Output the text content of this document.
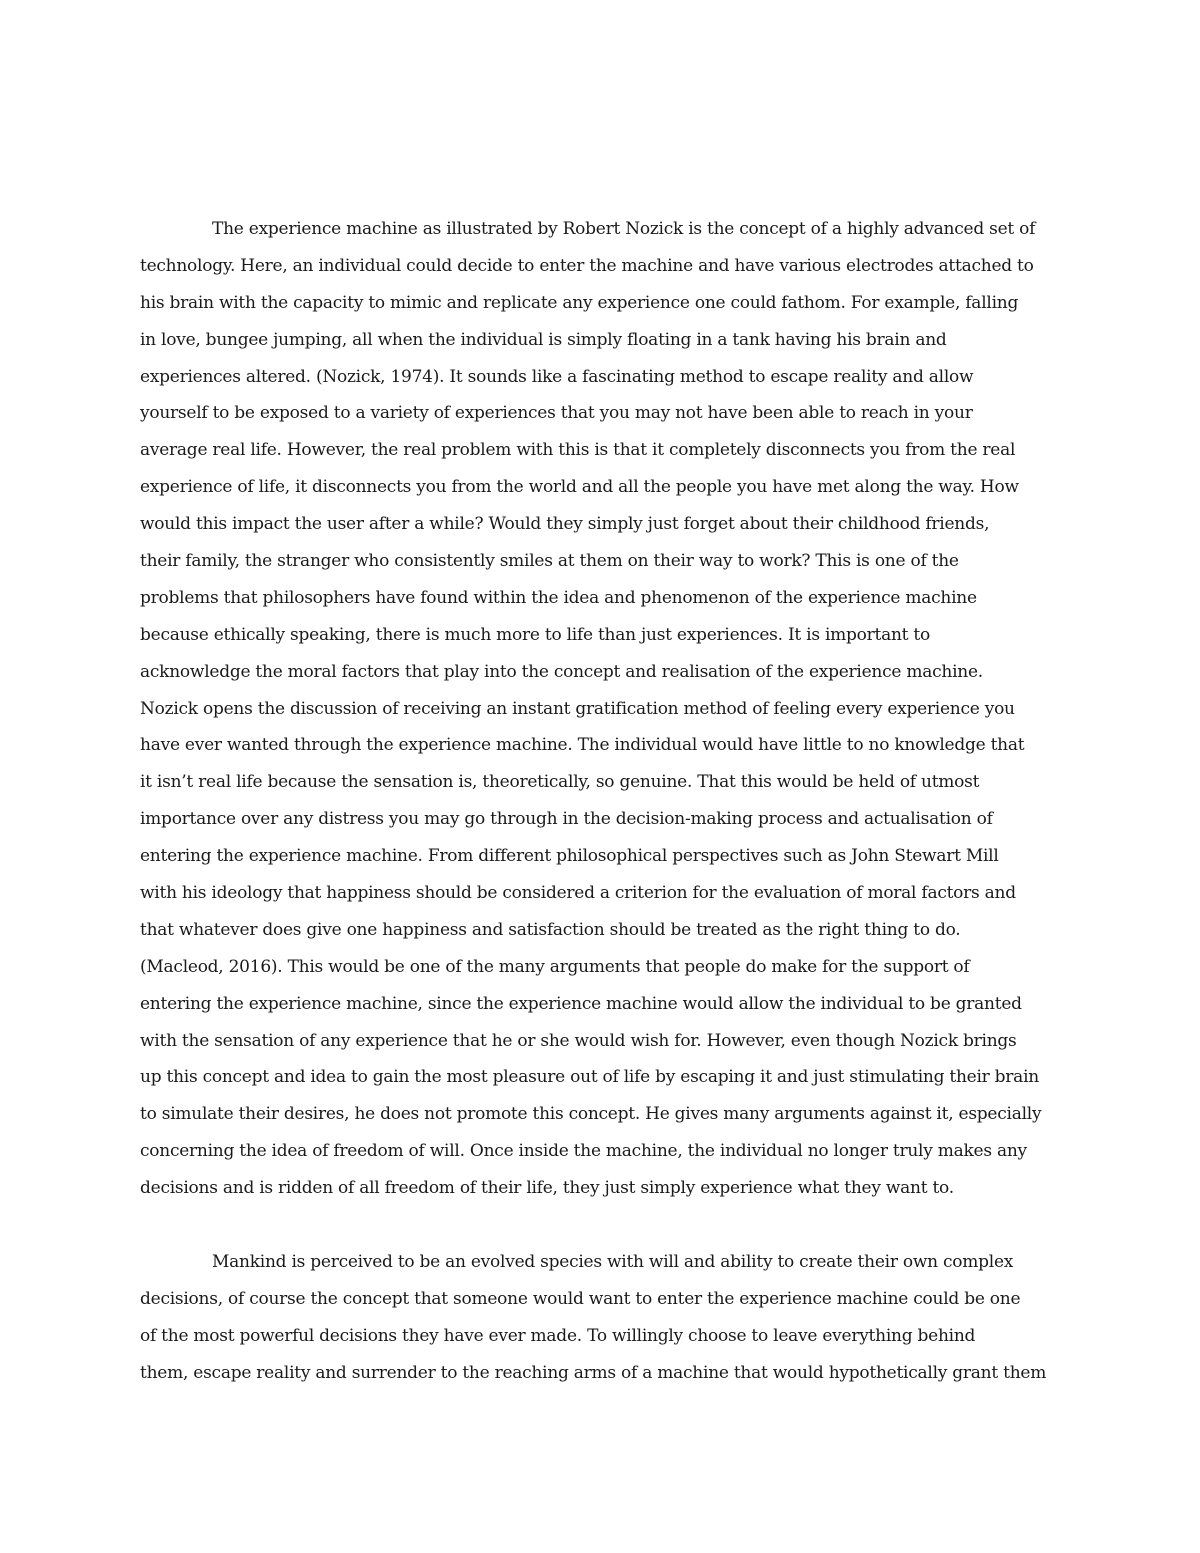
The experience machine as illustrated by Robert Nozick is the concept of a highly advanced set of
technology. Here, an individual could decide to enter the machine and have various electrodes attached to
his brain with the capacity to mimic and replicate any experience one could fathom. For example, falling
in love, bungee jumping, all when the individual is simply floating in a tank having his brain and
experiences altered. (Nozick, 1974). It sounds like a fascinating method to escape reality and allow
yourself to be exposed to a variety of experiences that you may not have been able to reach in your
average real life. However, the real problem with this is that it completely disconnects you from the real
experience of life, it disconnects you from the world and all the people you have met along the way. How
would this impact the user after a while? Would they simply just forget about their childhood friends,
their family, the stranger who consistently smiles at them on their way to work? This is one of the
problems that philosophers have found within the idea and phenomenon of the experience machine
because ethically speaking, there is much more to life than just experiences. It is important to
acknowledge the moral factors that play into the concept and realisation of the experience machine.
Nozick opens the discussion of receiving an instant gratification method of feeling every experience you
have ever wanted through the experience machine. The individual would have little to no knowledge that
it isn’t real life because the sensation is, theoretically, so genuine. That this would be held of utmost
importance over any distress you may go through in the decision-making process and actualisation of
entering the experience machine. From different philosophical perspectives such as John Stewart Mill
with his ideology that happiness should be considered a criterion for the evaluation of moral factors and
that whatever does give one happiness and satisfaction should be treated as the right thing to do.
(Macleod, 2016). This would be one of the many arguments that people do make for the support of
entering the experience machine, since the experience machine would allow the individual to be granted
with the sensation of any experience that he or she would wish for. However, even though Nozick brings
up this concept and idea to gain the most pleasure out of life by escaping it and just stimulating their brain
to simulate their desires, he does not promote this concept. He gives many arguments against it, especially
concerning the idea of freedom of will. Once inside the machine, the individual no longer truly makes any
decisions and is ridden of all freedom of their life, they just simply experience what they want to.
Mankind is perceived to be an evolved species with will and ability to create their own complex
decisions, of course the concept that someone would want to enter the experience machine could be one
of the most powerful decisions they have ever made. To willingly choose to leave everything behind
them, escape reality and surrender to the reaching arms of a machine that would hypothetically grant them
